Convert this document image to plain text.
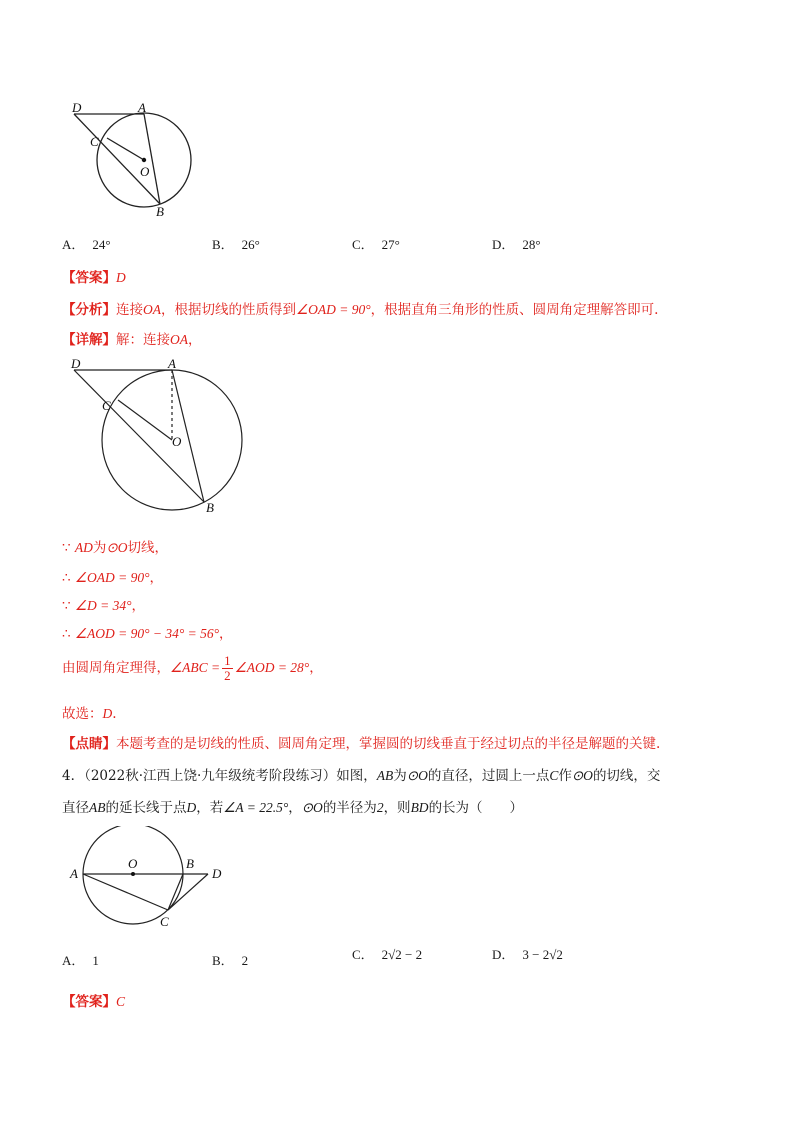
D	A
C
O
B
A． 24°	B． 26°	C． 27°	D． 28°
【答案】D
【分析】连接OA，根据切线的性质得到∠OAD = 90°，根据直角三角形的性质、圆周角定理解答即可.
【详解】解：连接OA，
D	A
C
O
B
∵ AD为⊙O切线，
∴ ∠OAD = 90°，
∵ ∠D = 34°，
∴ ∠AOD = 90° − 34° = 56°，
由圆周角定理得，∠ABC = $\frac{1}{2}$ ∠AOD = 28°，
故选：D.
【点睛】本题考查的是切线的性质、圆周角定理，掌握圆的切线垂直于经过切点的半径是解题的关键.
4．（2022秋·江西上饶·九年级统考阶段练习）如图，AB为⊙O的直径，过圆上一点C作⊙O的切线，交
直径AB的延长线于点D，若∠A = 22.5°，⊙O的半径为2，则BD的长为（　　）
A
O	B
D
C
A． 1	B． 2	C． 2√2 − 2	D． 3 − 2√2
【答案】C
